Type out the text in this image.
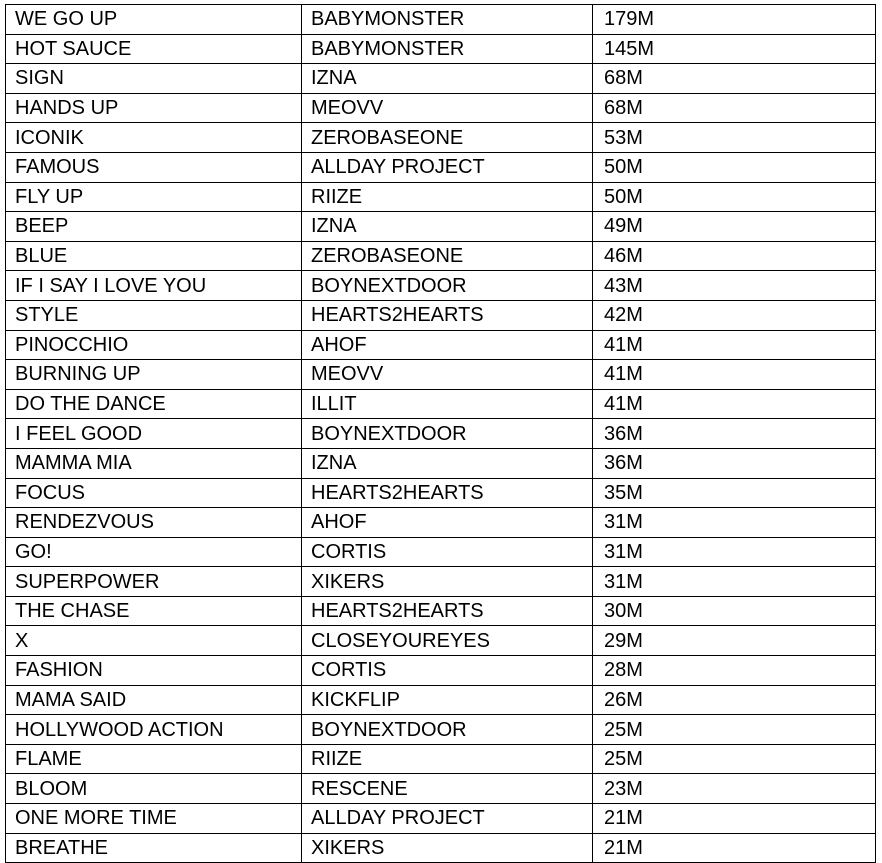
WE GO UP	BABYMONSTER	179M
HOT SAUCE	BABYMONSTER	145M
SIGN	IZNA	68M
HANDS UP	MEOVV	68M
ICONIK	ZEROBASEONE	53M
FAMOUS	ALLDAY PROJECT	50M
FLY UP	RIIZE	50M
BEEP	IZNA	49M
BLUE	ZEROBASEONE	46M
IF I SAY I LOVE YOU	BOYNEXTDOOR	43M
STYLE	HEARTS2HEARTS	42M
PINOCCHIO	AHOF	41M
BURNING UP	MEOVV	41M
DO THE DANCE	ILLIT	41M
I FEEL GOOD	BOYNEXTDOOR	36M
MAMMA MIA	IZNA	36M
FOCUS	HEARTS2HEARTS	35M
RENDEZVOUS	AHOF	31M
GO!	CORTIS	31M
SUPERPOWER	XIKERS	31M
THE CHASE	HEARTS2HEARTS	30M
X	CLOSEYOUREYES	29M
FASHION	CORTIS	28M
MAMA SAID	KICKFLIP	26M
HOLLYWOOD ACTION	BOYNEXTDOOR	25M
FLAME	RIIZE	25M
BLOOM	RESCENE	23M
ONE MORE TIME	ALLDAY PROJECT	21M
BREATHE	XIKERS	21M
